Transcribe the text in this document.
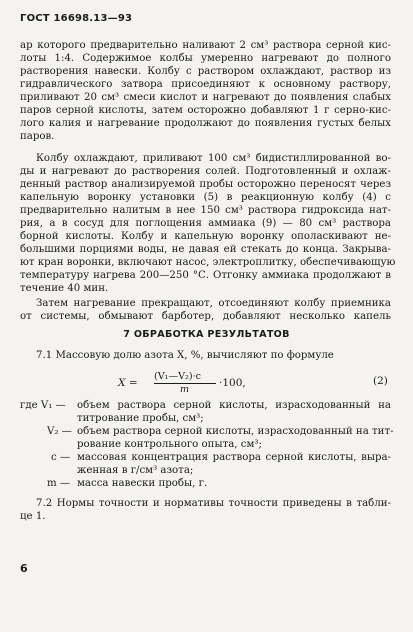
ГОСТ 16698.13—93
ар которого предварительно наливают 2 см³ раствора серной кис-
лоты 1:4. Содержимое колбы умеренно нагревают до полного
растворения навески. Колбу с раствором охлаждают, раствор из
гидравлического затвора присоединяют к основному раствору,
приливают 20 см³ смеси кислот и нагревают до появления слабых
паров серной кислоты, затем осторожно добавляют 1 г серно-кис-
лого калия и нагревание продолжают до появления густых белых
паров.
Колбу охлаждают, приливают 100 см³ бидистиллированной во-
ды и нагревают до растворения солей. Подготовленный и охлаж-
денный раствор анализируемой пробы осторожно переносят через
капельную воронку установки (5) в реакционную колбу (4) с
предварительно налитым в нее 150 см³ раствора гидроксида нат-
рия, а в сосуд для поглощения аммиака (9) — 80 см³ раствора
борной кислоты. Колбу и капельную воронку ополаскивают не-
большими порциями воды, не давая ей стекать до конца. Закрыва-
ют кран воронки, включают насос, электроплитку, обеспечивающую
температуру нагрева 200—250 °С. Отгонку аммиака продолжают в
течение 40 мин.
Затем нагревание прекращают, отсоединяют колбу приемника
от системы, обмывают барботер, добавляют несколько капель
7 ОБРАБОТКА РЕЗУЛЬТАТОВ
7.1 Массовую долю азота X, %, вычисляют по формуле
X =
(V₁—V₂)·c
m
·100,	(2)
где V₁ — объем раствора серной кислоты, израсходованный на
титрование пробы, см³;
V₂ — объем раствора серной кислоты, израсходованный на тит-
рование контрольного опыта, см³;
c — массовая концентрация раствора серной кислоты, выра-
женная в г/см³ азота;
m — масса навески пробы, г.
7.2 Нормы точности и нормативы точности приведены в табли-
це 1.
6
